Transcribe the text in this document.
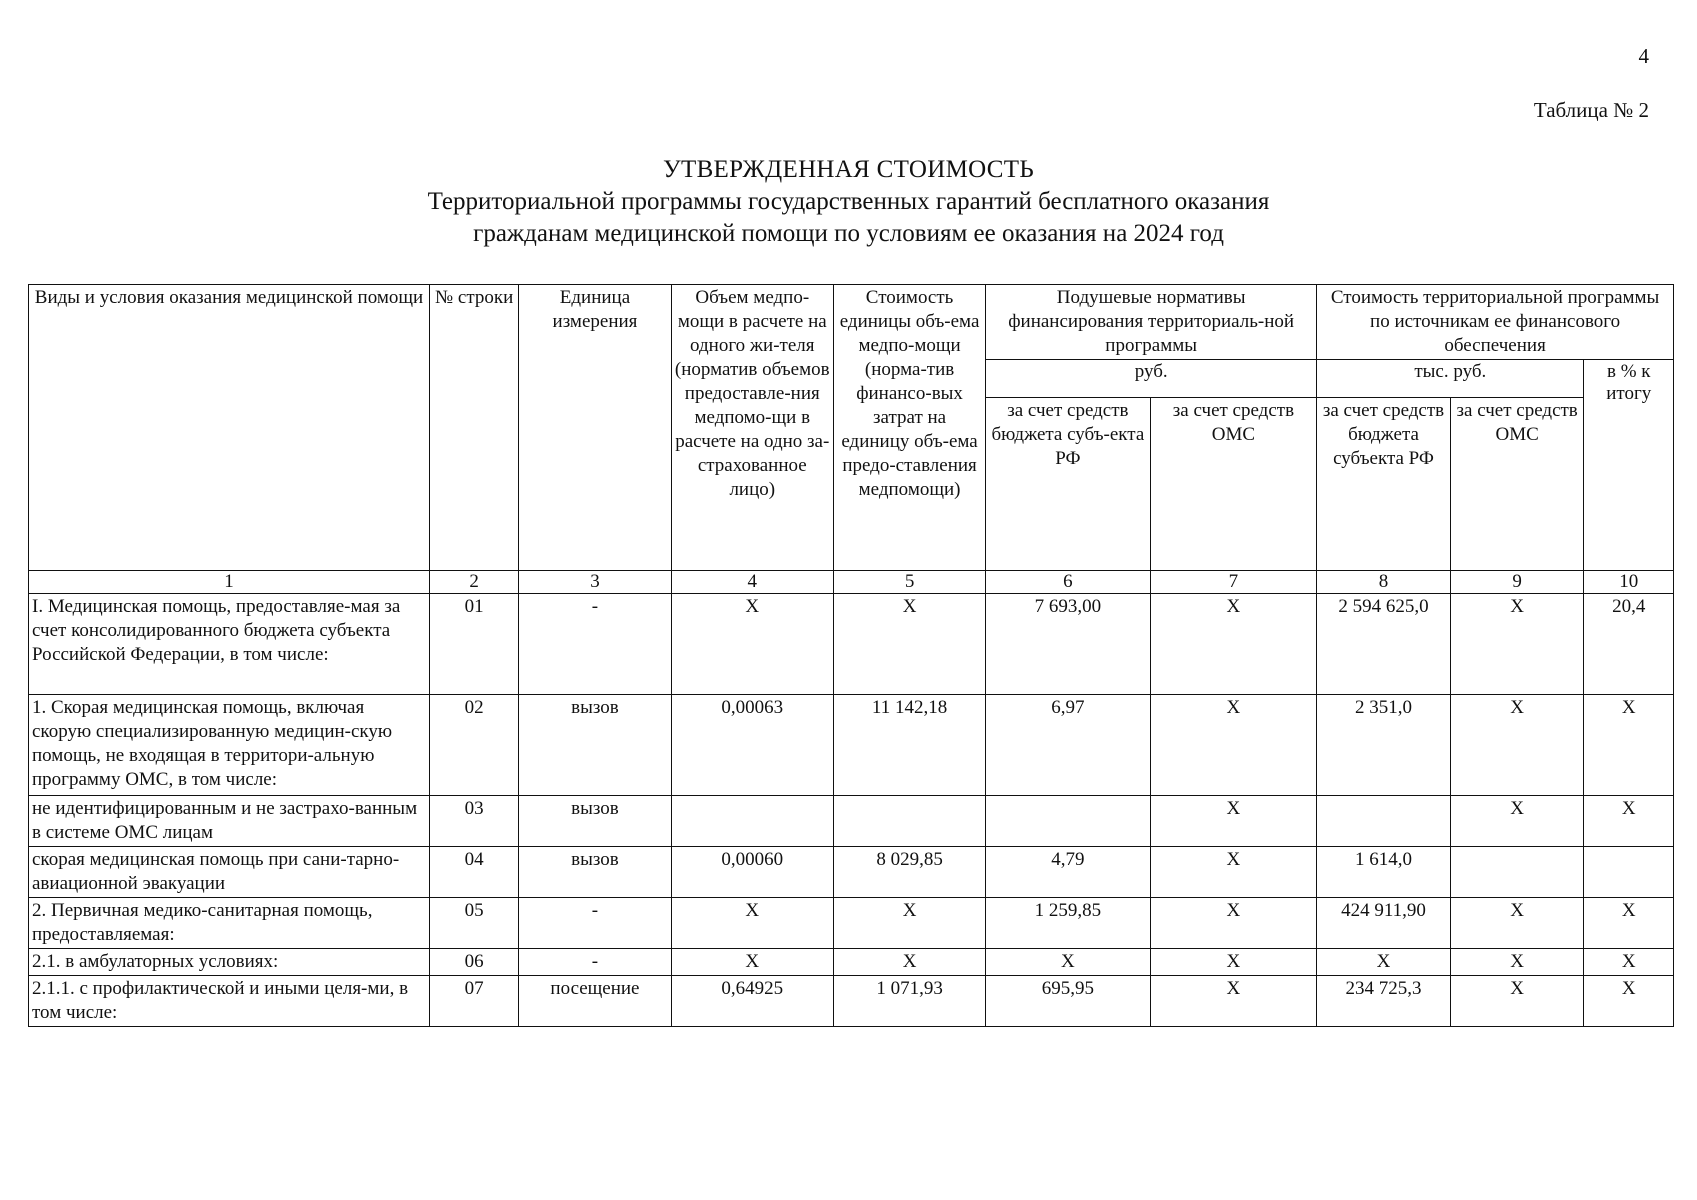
4
Таблица № 2
УТВЕРЖДЕННАЯ СТОИМОСТЬ
Территориальной программы государственных гарантий бесплатного оказания
гражданам медицинской помощи по условиям ее оказания на 2024 год
Виды и условия оказания медицинской помощи	№ строки	Единица измерения	Объем медпо-мощи в расчете на одного жи-теля (норматив объемов предоставле-ния медпомо-щи в расчете на одно за-страхованное лицо)	Стоимость единицы объ-ема медпо-мощи (норма-тив финансо-вых затрат на единицу объ-ема предо-ставления медпомощи)	Подушевые нормативы финансирования территориаль-ной программы		Стоимость территориальной программы по источникам ее финансового обеспечения		
					руб.		тыс. руб.		в % к итогу
					за счет средств бюджета субъ-екта РФ	за счет средств ОМС	за счет средств бюджета субъекта РФ	за счет средств ОМС	
1	2	3	4	5	6	7	8	9	10
I. Медицинская помощь, предоставляе-мая за счет консолидированного бюджета субъекта Российской Федерации, в том числе:	01	-	X	X	7 693,00	X	2 594 625,0	X	20,4
1. Скорая медицинская помощь, включая скорую специализированную медицин-скую помощь, не входящая в территори-альную программу ОМС, в том числе:	02	вызов	0,00063	11 142,18	6,97	X	2 351,0	X	X
не идентифицированным и не застрахо-ванным в системе ОМС лицам	03	вызов				X		X	X
скорая медицинская помощь при сани-тарно-авиационной эвакуации	04	вызов	0,00060	8 029,85	4,79	X	1 614,0		
2. Первичная медико-санитарная помощь, предоставляемая:	05	-	X	X	1 259,85	X	424 911,90	X	X
2.1. в амбулаторных условиях:	06	-	X	X	X	X	X	X	X
2.1.1. с профилактической и иными целя-ми, в том числе:	07	посещение	0,64925	1 071,93	695,95	X	234 725,3	X	X
